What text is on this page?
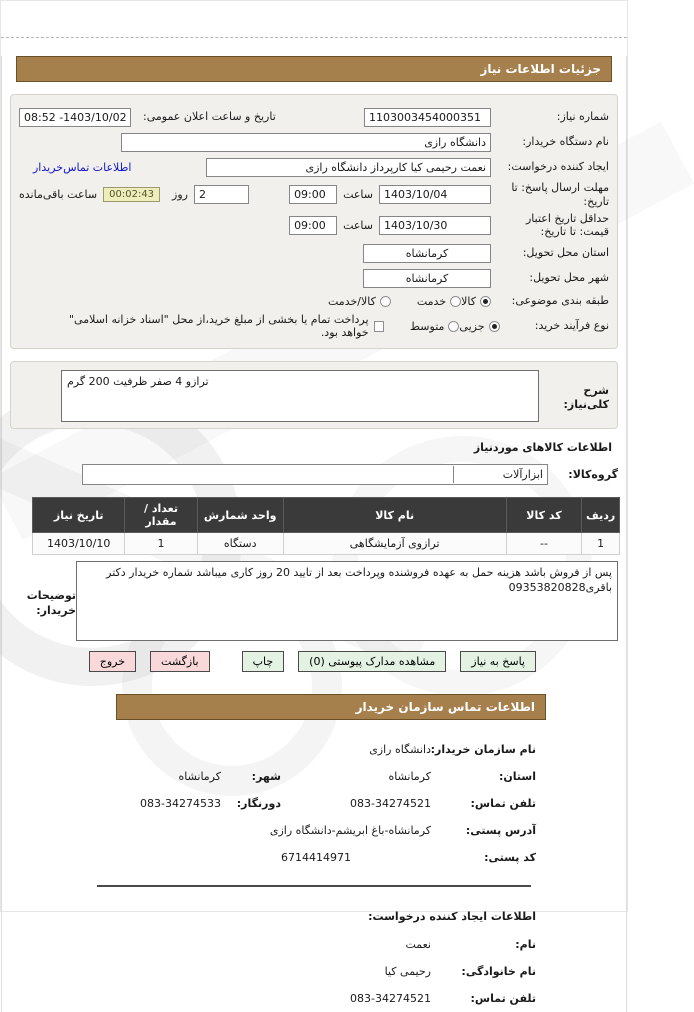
جزئیات اطلاعات نیاز
شماره نیاز:
1103003454000351
تاریخ و ساعت اعلان عمومی:
08:52 -1403/10/02
نام دستگاه خریدار:
دانشگاه رازی
ایجاد کننده درخواست:
نعمت رحیمی کیا کارپرداز دانشگاه رازی
اطلاعات تماس‌خریدار
مهلت ارسال پاسخ: تا تاریخ:
1403/10/04
ساعت
09:00
2
روز
00:02:43
ساعت باقی‌مانده
حداقل تاریخ اعتبار قیمت: تا تاریخ:
1403/10/30
ساعت
09:00
استان محل تحویل:
کرمانشاه
شهر محل تحویل:
کرمانشاه
طبقه بندی موضوعی:
کالا
خدمت
کالا/خدمت
نوع فرآیند خرید:
جزیی
متوسط
پرداخت تمام یا بخشی از مبلغ خرید،از محل "اسناد خزانه اسلامی" خواهد بود.
شرح کلی‌نیاز:
ترازو 4 صفر ظرفیت 200 گرم
اطلاعات کالاهای موردنیاز
گروه‌کالا:
ابزارآلات
ردیف	کد کالا	نام کالا	واحد شمارش	تعداد / مقدار	تاریخ نیاز
1	--	ترازوی آزمایشگاهی	دستگاه	1	1403/10/10
پس از فروش باشد هزینه حمل به عهده فروشنده وپرداخت بعد از تایید 20 روز کاری میباشد شماره خریدار دکتر باقری09353820828
توضیحات خریدار:
پاسخ به نیاز
مشاهده مدارک پیوستی (0)
چاپ
بازگشت
خروج
اطلاعات تماس سازمان خریدار
نام سازمان خریدار:
دانشگاه رازی
استان:
کرمانشاه
شهر:
کرمانشاه
تلفن تماس:
083-34274521
دورنگار:
083-34274533
آدرس پستی:
کرمانشاه-باغ ابریشم-دانشگاه رازی
کد پستی:
6714414971
اطلاعات ایجاد کننده درخواست:
نام:
نعمت
نام خانوادگی:
رحیمی کیا
تلفن تماس:
083-34274521
